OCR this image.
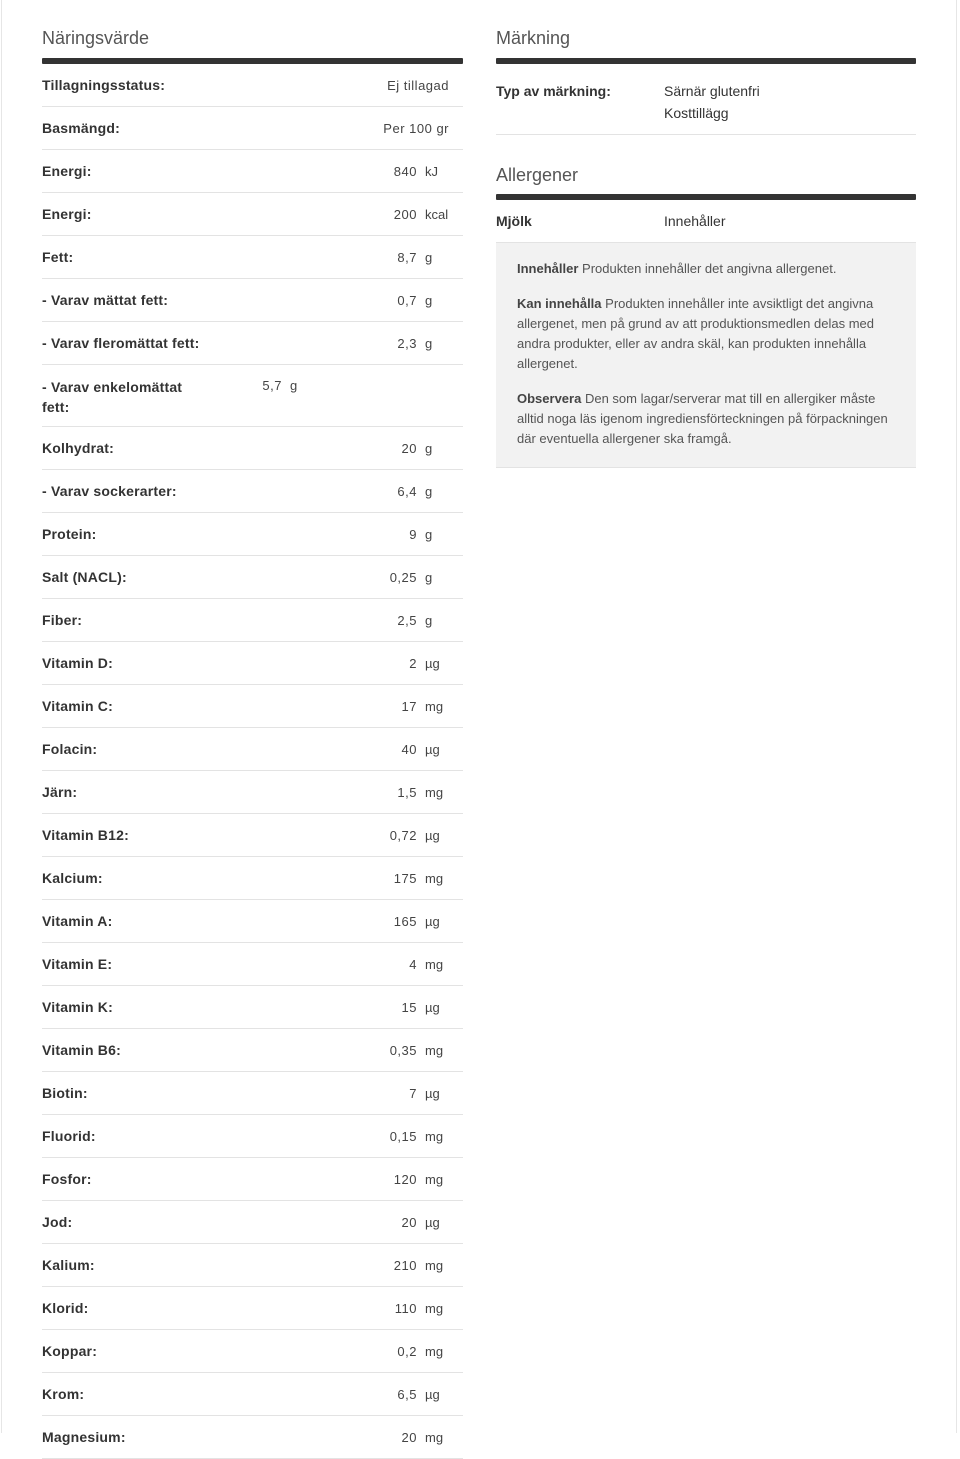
Näringsvärde
Tillagningsstatus:	Ej tillagad
Basmängd:	Per 100 gr
Energi:	840 kJ
Energi:	200 kcal
Fett:	8,7 g
- Varav mättat fett:	0,7 g
- Varav fleromättat fett:	2,3 g
- Varav enkelomättat fett:
5,7 g
Kolhydrat:	20 g
- Varav sockerarter:	6,4 g
Protein:	9 g
Salt (NACL):	0,25 g
Fiber:	2,5 g
Vitamin D:	2 µg
Vitamin C:	17 mg
Folacin:	40 µg
Järn:	1,5 mg
Vitamin B12:	0,72 µg
Kalcium:	175 mg
Vitamin A:	165 µg
Vitamin E:	4 mg
Vitamin K:	15 µg
Vitamin B6:	0,35 mg
Biotin:	7 µg
Fluorid:	0,15 mg
Fosfor:	120 mg
Jod:	20 µg
Kalium:	210 mg
Klorid:	110 mg
Koppar:	0,2 mg
Krom:	6,5 µg
Magnesium:	20 mg
Märkning
Typ av märkning:	Särnär glutenfri
Kosttillägg
Allergener
Mjölk	Innehåller

Innehåller Produkten innehåller det angivna allergenet.

Kan innehålla Produkten innehåller inte avsiktligt det angivna allergenet, men på grund av att produktionsmedlen delas med andra produkter, eller av andra skäl, kan produkten innehålla allergenet.

Observera Den som lagar/serverar mat till en allergiker måste alltid noga läs igenom ingrediensförteckningen på förpackningen där eventuella allergener ska framgå.
